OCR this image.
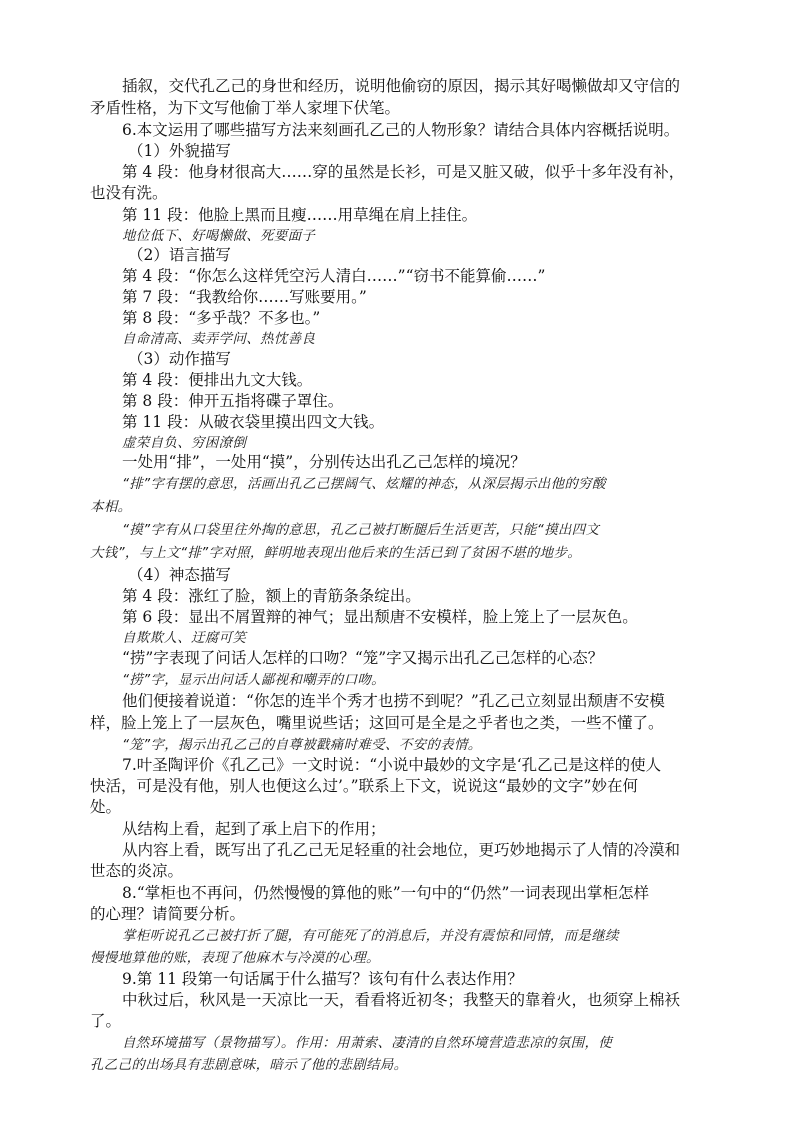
插叙，交代孔乙己的身世和经历，说明他偷窃的原因，揭示其好喝懒做却又守信的
矛盾性格，为下文写他偷丁举人家埋下伏笔。
6.本文运用了哪些描写方法来刻画孔乙己的人物形象？请结合具体内容概括说明。
（1）外貌描写
第 4 段：他身材很高大……穿的虽然是长衫，可是又脏又破，似乎十多年没有补，
也没有洗。
第 11 段：他脸上黑而且瘦……用草绳在肩上挂住。
地位低下、好喝懒做、死要面子
（2）语言描写
第 4 段：“你怎么这样凭空污人清白……”“窃书不能算偷……”
第 7 段：“我教给你……写账要用。”
第 8 段：“多乎哉？不多也。”
自命清高、卖弄学问、热忱善良
（3）动作描写
第 4 段：便排出九文大钱。
第 8 段：伸开五指将碟子罩住。
第 11 段：从破衣袋里摸出四文大钱。
虚荣自负、穷困潦倒
一处用“排”，一处用“摸”，分别传达出孔乙己怎样的境况？
“排”字有摆的意思，活画出孔乙己摆阔气、炫耀的神态，从深层揭示出他的穷酸
本相。
“摸”字有从口袋里往外掏的意思，孔乙己被打断腿后生活更苦，只能“摸出四文
大钱”，与上文“排”字对照，鲜明地表现出他后来的生活已到了贫困不堪的地步。
（4）神态描写
第 4 段：涨红了脸，额上的青筋条条绽出。
第 6 段：显出不屑置辩的神气；显出颓唐不安模样，脸上笼上了一层灰色。
自欺欺人、迂腐可笑
“捞”字表现了问话人怎样的口吻？“笼”字又揭示出孔乙己怎样的心态？
“捞”字，显示出问话人鄙视和嘲弄的口吻。
他们便接着说道：“你怎的连半个秀才也捞不到呢？”孔乙己立刻显出颓唐不安模
样，脸上笼上了一层灰色，嘴里说些话；这回可是全是之乎者也之类，一些不懂了。
“笼”字，揭示出孔乙己的自尊被戳痛时难受、不安的表情。
7.叶圣陶评价《孔乙己》一文时说：“小说中最妙的文字是‘孔乙己是这样的使人
快活，可是没有他，别人也便这么过’。”联系上下文，说说这“最妙的文字”妙在何
处。
从结构上看，起到了承上启下的作用；
从内容上看，既写出了孔乙己无足轻重的社会地位，更巧妙地揭示了人情的冷漠和
世态的炎凉。
8.“掌柜也不再问，仍然慢慢的算他的账”一句中的“仍然”一词表现出掌柜怎样
的心理？请简要分析。
掌柜听说孔乙己被打折了腿，有可能死了的消息后，并没有震惊和同情，而是继续
慢慢地算他的账，表现了他麻木与冷漠的心理。
9.第 11 段第一句话属于什么描写？该句有什么表达作用？
中秋过后，秋风是一天凉比一天，看看将近初冬；我整天的靠着火，也须穿上棉袄
了。
自然环境描写（景物描写）。作用：用萧索、凄清的自然环境营造悲凉的氛围，使
孔乙己的出场具有悲剧意味，暗示了他的悲剧结局。
